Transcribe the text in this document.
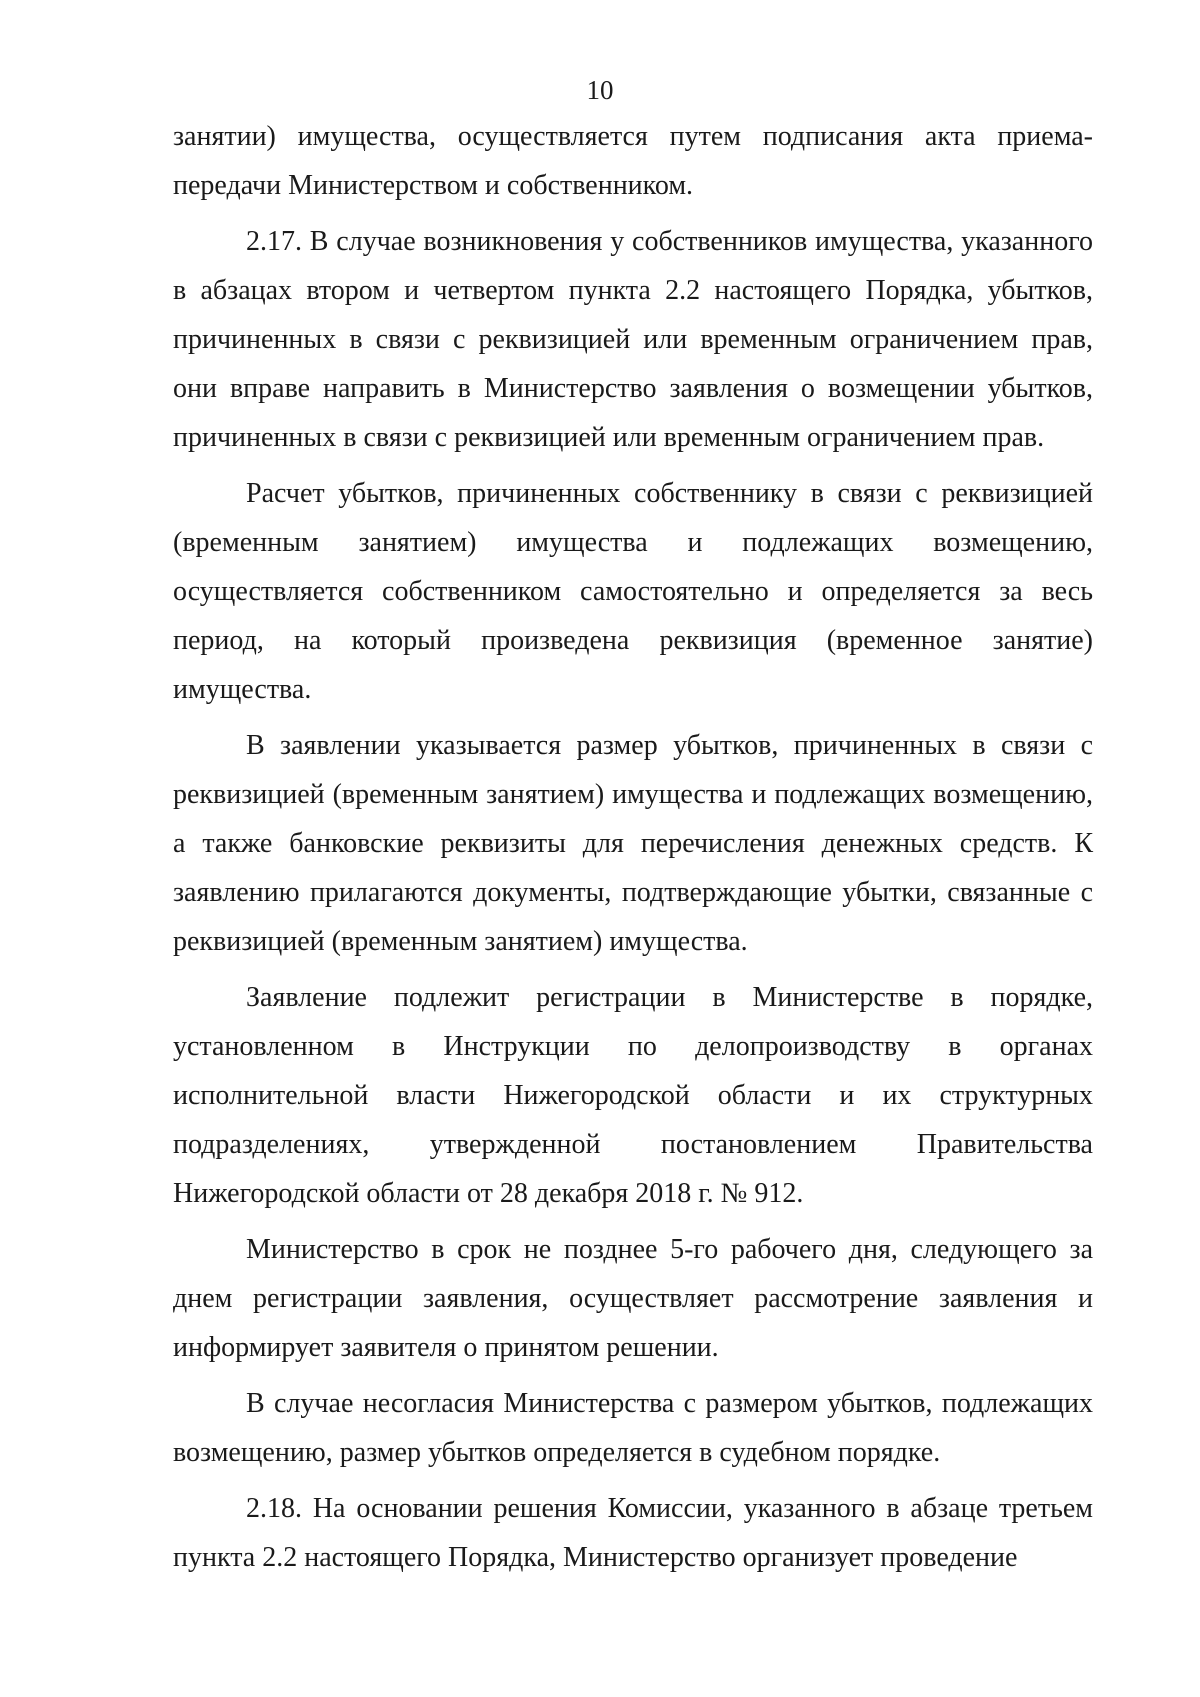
10

занятии) имущества, осуществляется путем подписания акта приема-передачи Министерством и собственником.

2.17. В случае возникновения у собственников имущества, указанного в абзацах втором и четвертом пункта 2.2 настоящего Порядка, убытков, причиненных в связи с реквизицией или временным ограничением прав, они вправе направить в Министерство заявления о возмещении убытков, причиненных в связи с реквизицией или временным ограничением прав.

Расчет убытков, причиненных собственнику в связи с реквизицией (временным занятием) имущества и подлежащих возмещению, осуществляется собственником самостоятельно и определяется за весь период, на который произведена реквизиция (временное занятие) имущества.

В заявлении указывается размер убытков, причиненных в связи с реквизицией (временным занятием) имущества и подлежащих возмещению, а также банковские реквизиты для перечисления денежных средств. К заявлению прилагаются документы, подтверждающие убытки, связанные с реквизицией (временным занятием) имущества.

Заявление подлежит регистрации в Министерстве в порядке, установленном в Инструкции по делопроизводству в органах исполнительной власти Нижегородской области и их структурных подразделениях, утвержденной постановлением Правительства Нижегородской области от 28 декабря 2018 г. № 912.

Министерство в срок не позднее 5-го рабочего дня, следующего за днем регистрации заявления, осуществляет рассмотрение заявления и информирует заявителя о принятом решении.

В случае несогласия Министерства с размером убытков, подлежащих возмещению, размер убытков определяется в судебном порядке.

2.18. На основании решения Комиссии, указанного в абзаце третьем пункта 2.2 настоящего Порядка, Министерство организует проведение
